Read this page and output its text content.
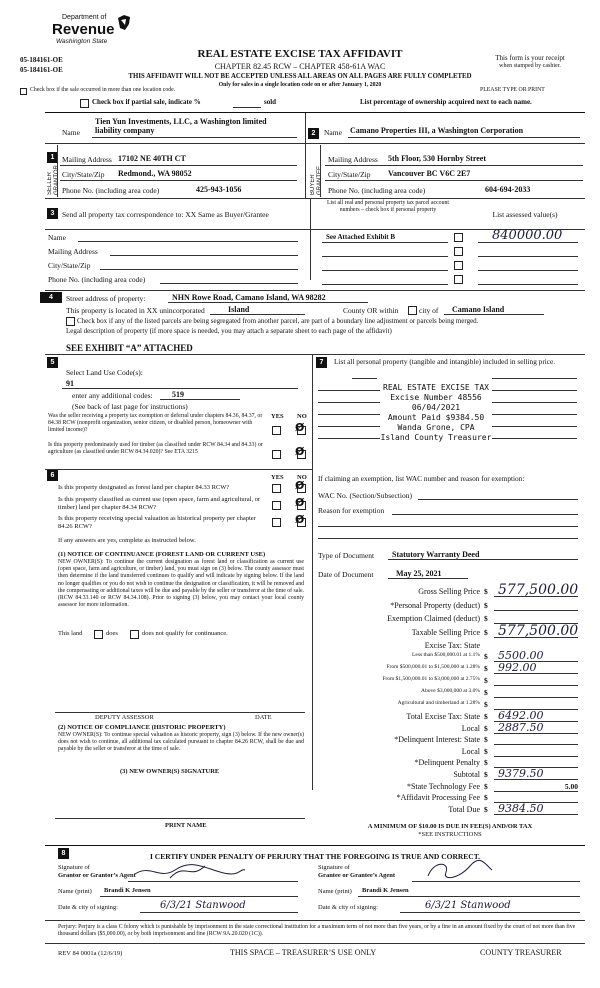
Department of
Revenue
Washington State
05-184161-OE
05-184161-OE
REAL ESTATE EXCISE TAX AFFIDAVIT
CHAPTER 82.45 RCW – CHAPTER 458-61A WAC
THIS AFFIDAVIT WILL NOT BE ACCEPTED UNLESS ALL AREAS ON ALL PAGES ARE FULLY COMPLETED
Only for sales in a single location code on or after January 1, 2020
This form is your receipt
when stamped by cashier.
Check box if the sale occurred in more than one location code.	PLEASE TYPE OR PRINT
Check box if partial sale, indicate %	sold	List percentage of ownership acquired next to each name.
1
Tien Yun Investments, LLC, a Washington limited
Name liability company
SELLER GRANTOR
Mailing Address 17102 NE 40TH CT
City/State/Zip Redmond., WA 98052
Phone No. (including area code)	425-943-1056
2	Name Camano Properties III, a Washington Corporation
BUYER GRANTEE
Mailing Address 5th Floor, 530 Hornby Street
City/State/Zip Vancouver BC V6C 2E7
Phone No. (including area code)	604-694-2033
3	Send all property tax correspondence to: XX Same as Buyer/Grantee
List all real and personal property tax parcel account numbers – check box if personal property	List assessed value(s)
Name
Mailing Address
City/State/Zip
Phone No. (including area code)
See Attached Exhibit B	840000.00
4	Street address of property:	NHN Rowe Road, Camano Island, WA 98282
This property is located in XX unincorporated	Island	County OR within	city of Camano Island
Check box if any of the listed parcels are being segregated from another parcel, are part of a boundary line adjustment or parcels being merged.
Legal description of property (if more space is needed, you may attach a separate sheet to each page of the affidavit)
SEE EXHIBIT “A” ATTACHED
5
Select Land Use Code(s):
91
enter any additional codes: 519
(See back of last page for instructions)
YES NO
Was the seller receiving a property tax exemption or deferral under chapters 84.36, 84.37, or 84.38 RCW (nonprofit organization, senior citizen, or disabled person, homeowner with limited income)?	Ø
Is this property predominately used for timber (as classified under RCW 84.34 and 84.33) or agriculture (as classified under RCW 84.34.020)? See ETA 3215	Ø
6	YES NO
Is this property designated as forest land per chapter 84.33 RCW?	Ø
Is this property classified as current use (open space, farm and agricultural, or timber) land per chapter 84.34 RCW?	Ø
Is this property receiving special valuation as historical property per chapter 84.26 RCW?
Ø
If any answers are yes, complete as instructed below.
(1) NOTICE OF CONTINUANCE (FOREST LAND OR CURRENT USE)
NEW OWNER(S): To continue the current designation as forest land or classification as current use (open space, farm and agriculture, or timber) land, you must sign on (3) below. The county assessor must then determine if the land transferred continues to qualify and will indicate by signing below. If the land no longer qualifies or you do not wish to continue the designation or classification, it will be removed and the compensating or additional taxes will be due and payable by the seller or transferor at the time of sale. (RCW 84.33.140 or RCW 84.34.108). Prior to signing (3) below, you may contact your local county assessor for more information.
This land	does	does not qualify for continuance.
DEPUTY ASSESSOR	DATE
(2) NOTICE OF COMPLIANCE (HISTORIC PROPERTY)
NEW OWNER(S): To continue special valuation as historic property, sign (3) below. If the new owner(s) does not wish to continue, all additional tax calculated pursuant to chapter 84.26 RCW, shall be due and payable by the seller or transferor at the time of sale.
(3) NEW OWNER(S) SIGNATURE
PRINT NAME
7	List all personal property (tangible and intangible) included in selling price.
REAL ESTATE EXCISE TAX
Excise Number 48556
06/04/2021
Amount Paid $9384.50
Wanda Grone, CPA
Island County Treasurer
If claiming an exemption, list WAC number and reason for exemption:
WAC No. (Section/Subsection)
Reason for exemption
Type of Document Statutory Warranty Deed
Date of Document	May 25, 2021
Gross Selling Price $ 577,500.00
*Personal Property (deduct) $
Exemption Claimed (deduct) $
Taxable Selling Price $ 577,500.00
Excise Tax: State
Less than $500,000.01 at 1.1% $ 5500.00
From $500,000.01 to $1,500,000 at 1.28% $ 992.00
From $1,500,000.01 to $3,000,000 at 2.75% $
Above $3,000,000 at 3.0% $
Agricultural and timberland at 1.28% $
Total Excise Tax: State $ 6492.00
Local $ 2887.50
*Delinquent Interest: State $
Local $
*Delinquent Penalty $
Subtotal $ 9379.50
*State Technology Fee $	5.00
*Affidavit Processing Fee $
Total Due $ 9384.50
A MINIMUM OF $10.00 IS DUE IN FEE(S) AND/OR TAX
*SEE INSTRUCTIONS
8	I CERTIFY UNDER PENALTY OF PERJURY THAT THE FOREGOING IS TRUE AND CORRECT.
Signature of
Grantor or Grantor’s Agent
Signature of
Grantee or Grantee’s Agent
Name (print) Brandi K Jensen	Name (print) Brandi K Jensen
Date & city of signing:	6/3/21 Stanwood	Date & city of signing:	6/3/21 Stanwood
Perjury: Perjury is a class C felony which is punishable by imprisonment in the state correctional institution for a maximum term of not more than five years, or by a fine in an amount fixed by the court of not more than five thousand dollars ($5,000.00), or by both imprisonment and fine (RCW 9A.20.020 (1C)).
REV 84 0001a (12/6/19)	THIS SPACE – TREASURER’S USE ONLY	COUNTY TREASURER
